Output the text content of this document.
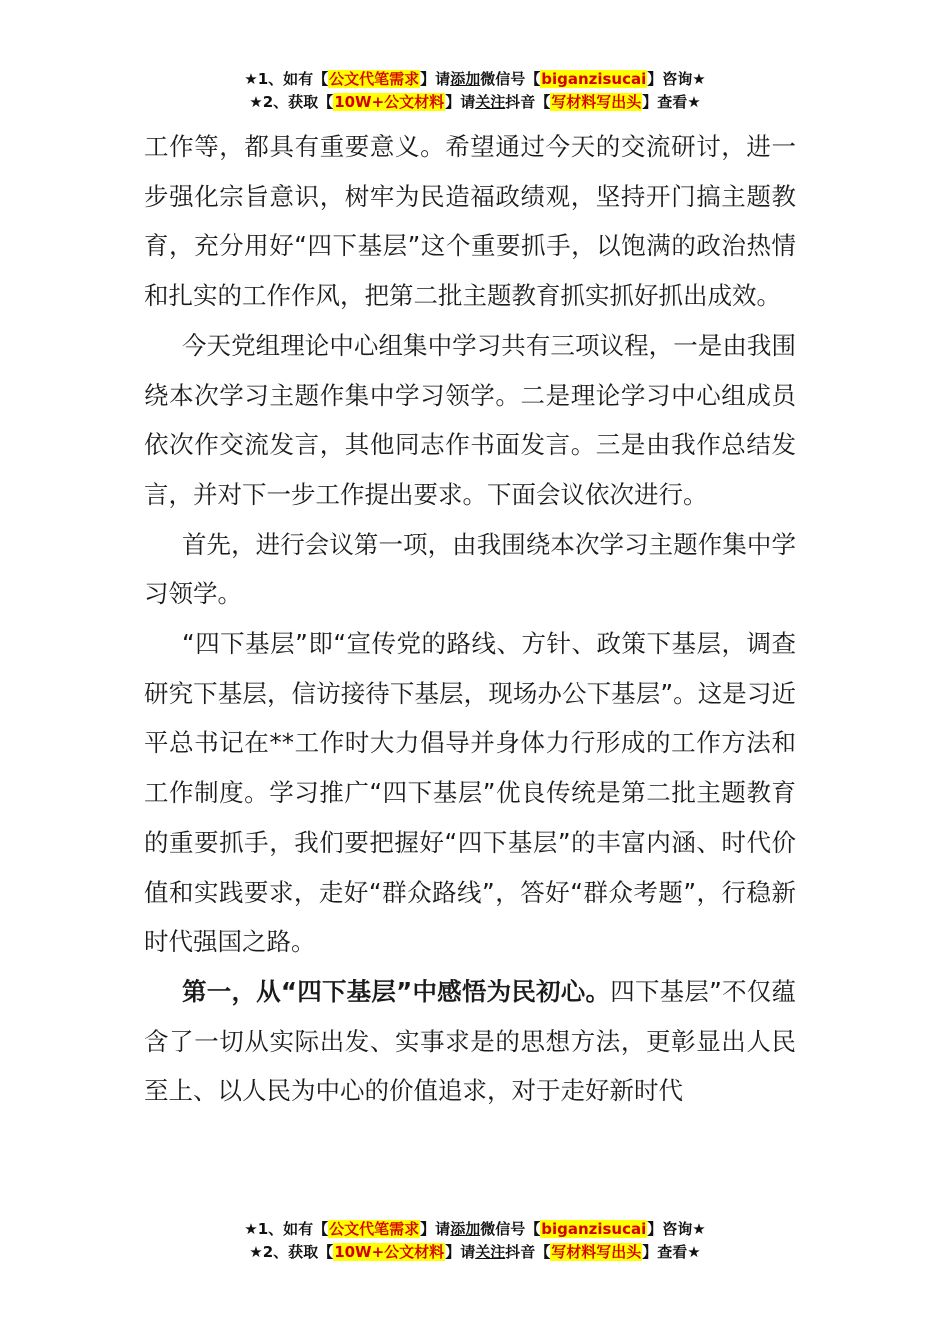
★1、如有【公文代笔需求】请添加微信号【biganzisucai】咨询★
★2、获取【10W+公文材料】请关注抖音【写材料写出头】查看★

工作等，都具有重要意义。希望通过今天的交流研讨，进一步强化宗旨意识，树牢为民造福政绩观，坚持开门搞主题教育，充分用好“四下基层”这个重要抓手，以饱满的政治热情和扎实的工作作风，把第二批主题教育抓实抓好抓出成效。

今天党组理论中心组集中学习共有三项议程，一是由我围绕本次学习主题作集中学习领学。二是理论学习中心组成员依次作交流发言，其他同志作书面发言。三是由我作总结发言，并对下一步工作提出要求。下面会议依次进行。

首先，进行会议第一项，由我围绕本次学习主题作集中学习领学。

“四下基层”即“宣传党的路线、方针、政策下基层，调查研究下基层，信访接待下基层，现场办公下基层”。这是习近平总书记在**工作时大力倡导并身体力行形成的工作方法和工作制度。学习推广“四下基层”优良传统是第二批主题教育的重要抓手，我们要把握好“四下基层”的丰富内涵、时代价值和实践要求，走好“群众路线”，答好“群众考题”，行稳新时代强国之路。

第一，从“四下基层”中感悟为民初心。四下基层”不仅蕴含了一切从实际出发、实事求是的思想方法，更彰显出人民至上、以人民为中心的价值追求，对于走好新时代

★1、如有【公文代笔需求】请添加微信号【biganzisucai】咨询★
★2、获取【10W+公文材料】请关注抖音【写材料写出头】查看★
